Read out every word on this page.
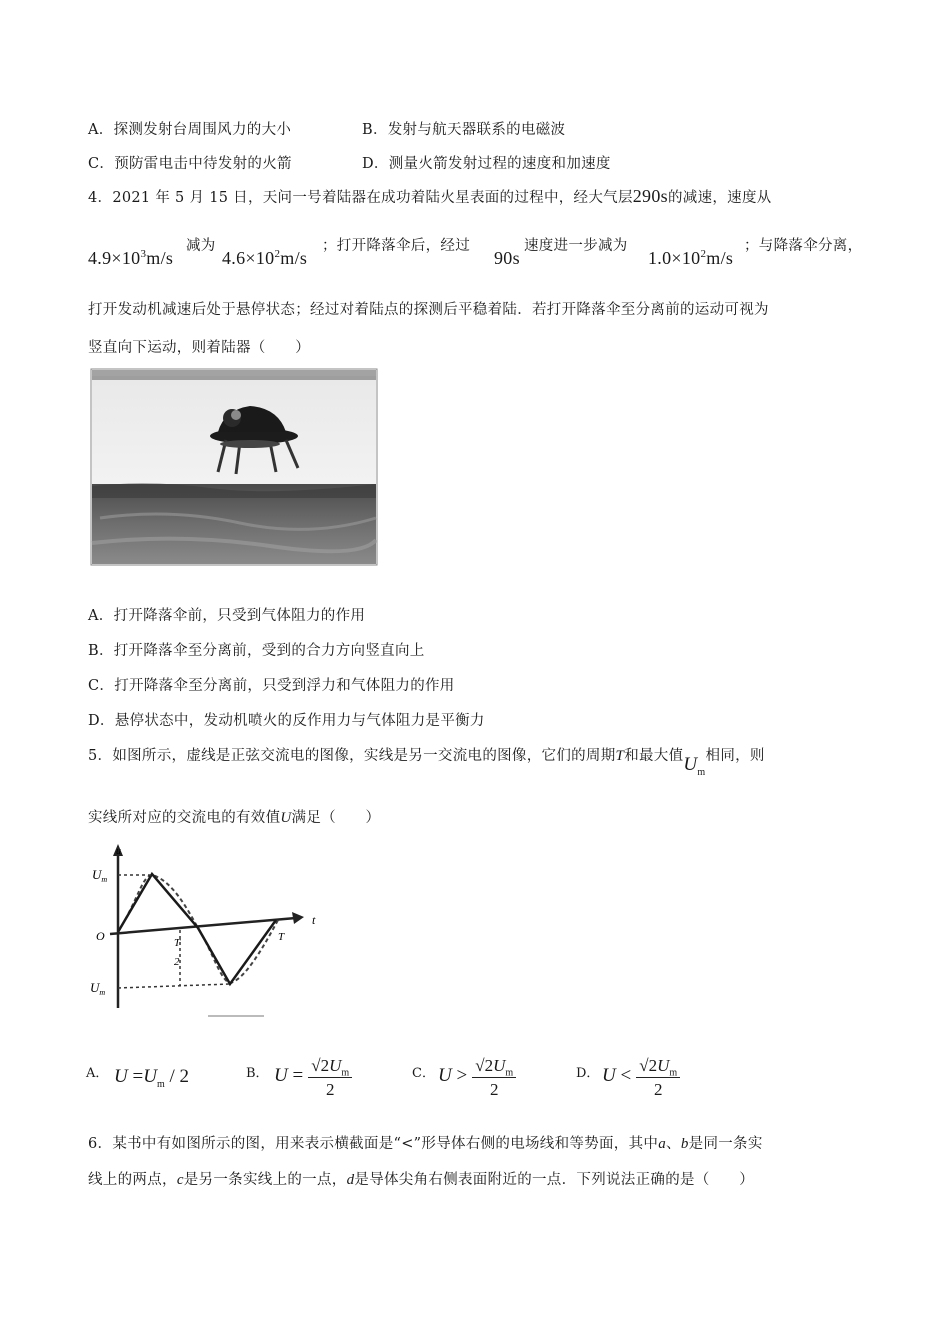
A．探测发射台周围风力的大小	B．发射与航天器联系的电磁波
C．预防雷电击中待发射的火箭	D．测量火箭发射过程的速度和加速度
4．2021 年 5 月 15 日，天问一号着陆器在成功着陆火星表面的过程中，经大气层290s的减速，速度从
$4.9\times 10^3m/s$
减为
$4.6\times 10^2m/s$
；打开降落伞后，经过
90s
速度进一步减为
$1.0\times 10^2m/s$
；与降落伞分离，
打开发动机减速后处于悬停状态；经过对着陆点的探测后平稳着陆．若打开降落伞至分离前的运动可视为
竖直向下运动，则着陆器（　　）
A．打开降落伞前，只受到气体阻力的作用
B．打开降落伞至分离前，受到的合力方向竖直向上
C．打开降落伞至分离前，只受到浮力和气体阻力的作用
D．悬停状态中，发动机喷火的反作用力与气体阻力是平衡力
5．如图所示，虚线是正弦交流电的图像，实线是另一交流电的图像，它们的周期T和最大值$U_m$相同，则
实线所对应的交流电的有效值U满足（　　）
u
$U_m$
O
t
T
2
T
$U_m$
A． $U =U_m / 2$	B． $U = \frac{√2U_m}{2}$	C． $U > \frac{√2U_m}{2}$	D． $U < \frac{√2U_m}{2}$
6．某书中有如图所示的图，用来表示横截面是“<”形导体右侧的电场线和等势面，其中a、b是同一条实
线上的两点，c是另一条实线上的一点，d是导体尖角右侧表面附近的一点．下列说法正确的是（　　）
